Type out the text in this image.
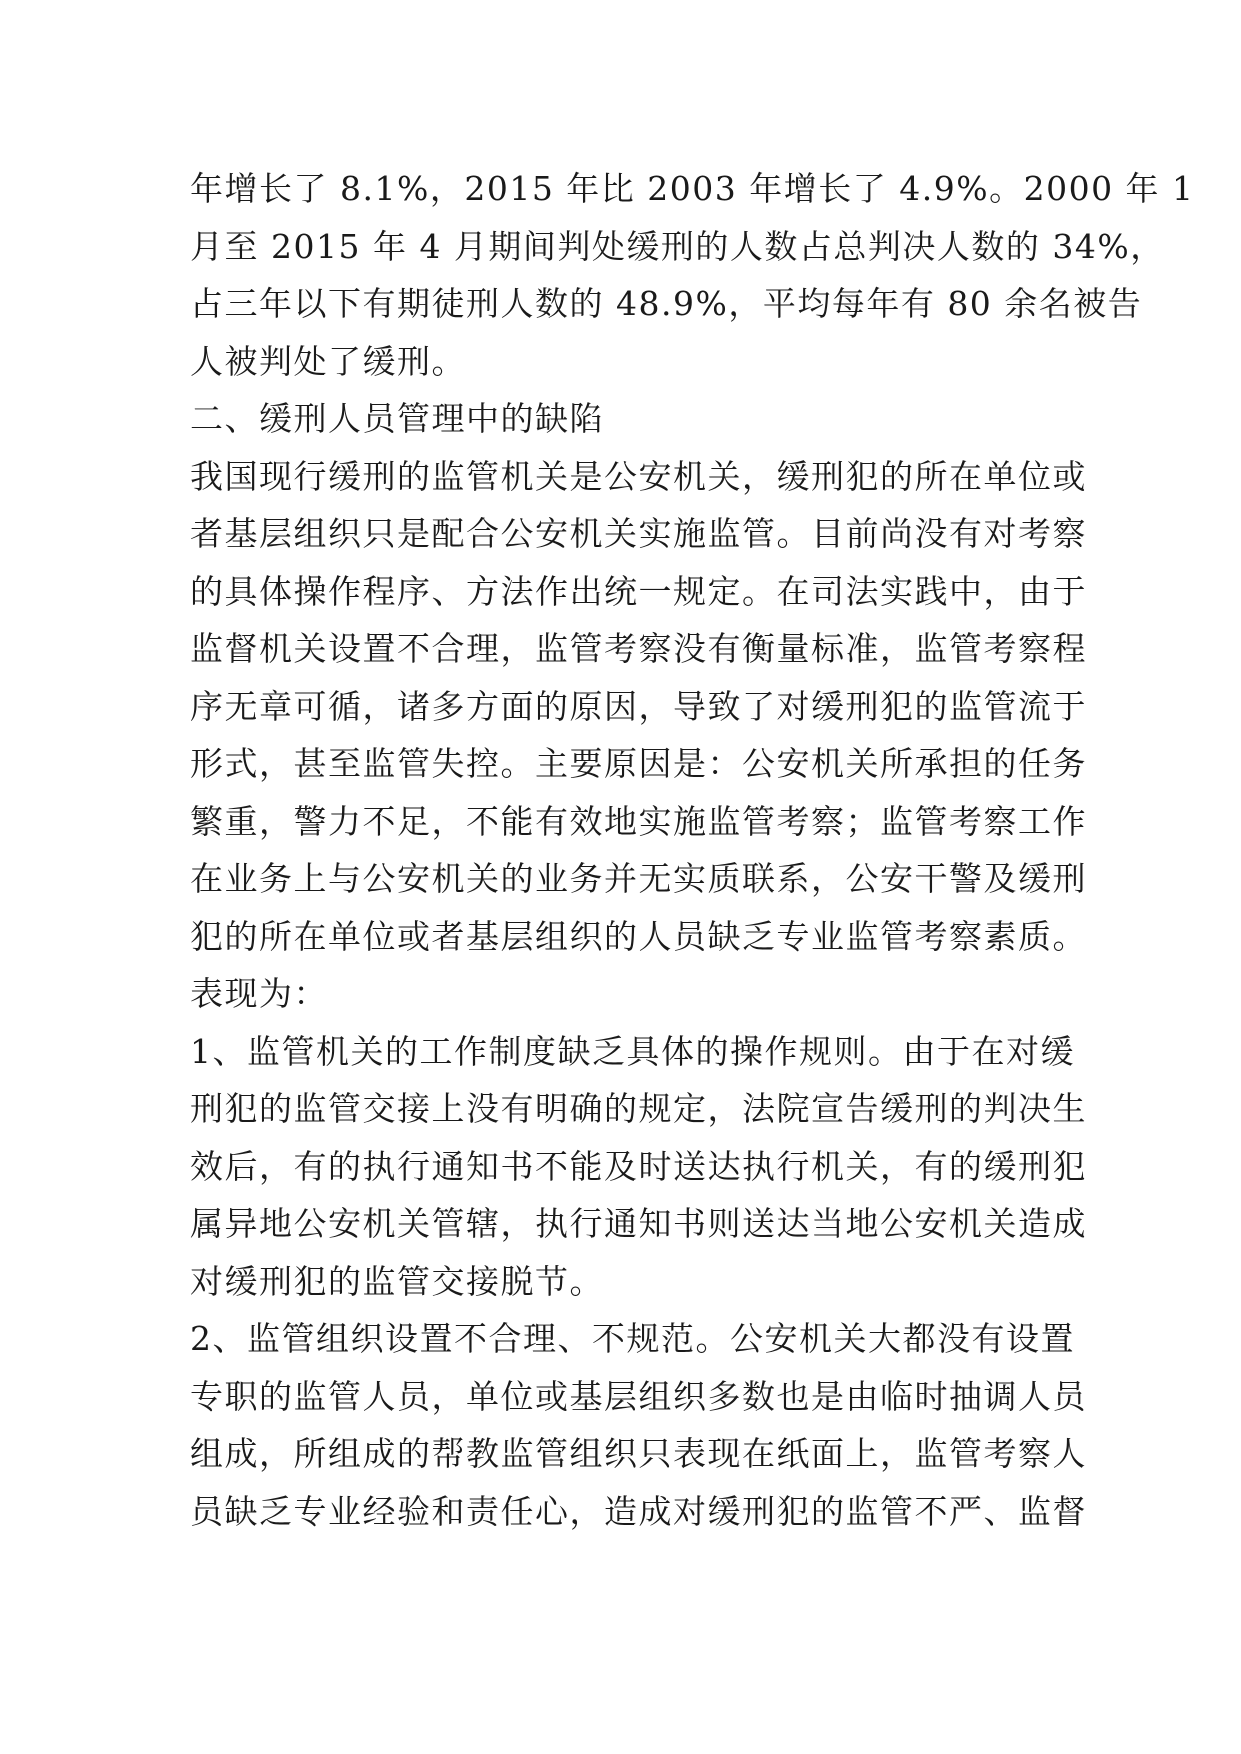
年增长了 8.1%，2015 年比 2003 年增长了 4.9%。2000 年 1
月至 2015 年 4 月期间判处缓刑的人数占总判决人数的 34%，
占三年以下有期徒刑人数的 48.9%，平均每年有 80 余名被告
人被判处了缓刑。
二、缓刑人员管理中的缺陷
我国现行缓刑的监管机关是公安机关，缓刑犯的所在单位或
者基层组织只是配合公安机关实施监管。目前尚没有对考察
的具体操作程序、方法作出统一规定。在司法实践中，由于
监督机关设置不合理，监管考察没有衡量标准，监管考察程
序无章可循，诸多方面的原因，导致了对缓刑犯的监管流于
形式，甚至监管失控。主要原因是：公安机关所承担的任务
繁重，警力不足，不能有效地实施监管考察；监管考察工作
在业务上与公安机关的业务并无实质联系，公安干警及缓刑
犯的所在单位或者基层组织的人员缺乏专业监管考察素质。
表现为：
1、监管机关的工作制度缺乏具体的操作规则。由于在对缓
刑犯的监管交接上没有明确的规定，法院宣告缓刑的判决生
效后，有的执行通知书不能及时送达执行机关，有的缓刑犯
属异地公安机关管辖，执行通知书则送达当地公安机关造成
对缓刑犯的监管交接脱节。
2、监管组织设置不合理、不规范。公安机关大都没有设置
专职的监管人员，单位或基层组织多数也是由临时抽调人员
组成，所组成的帮教监管组织只表现在纸面上，监管考察人
员缺乏专业经验和责任心，造成对缓刑犯的监管不严、监督
